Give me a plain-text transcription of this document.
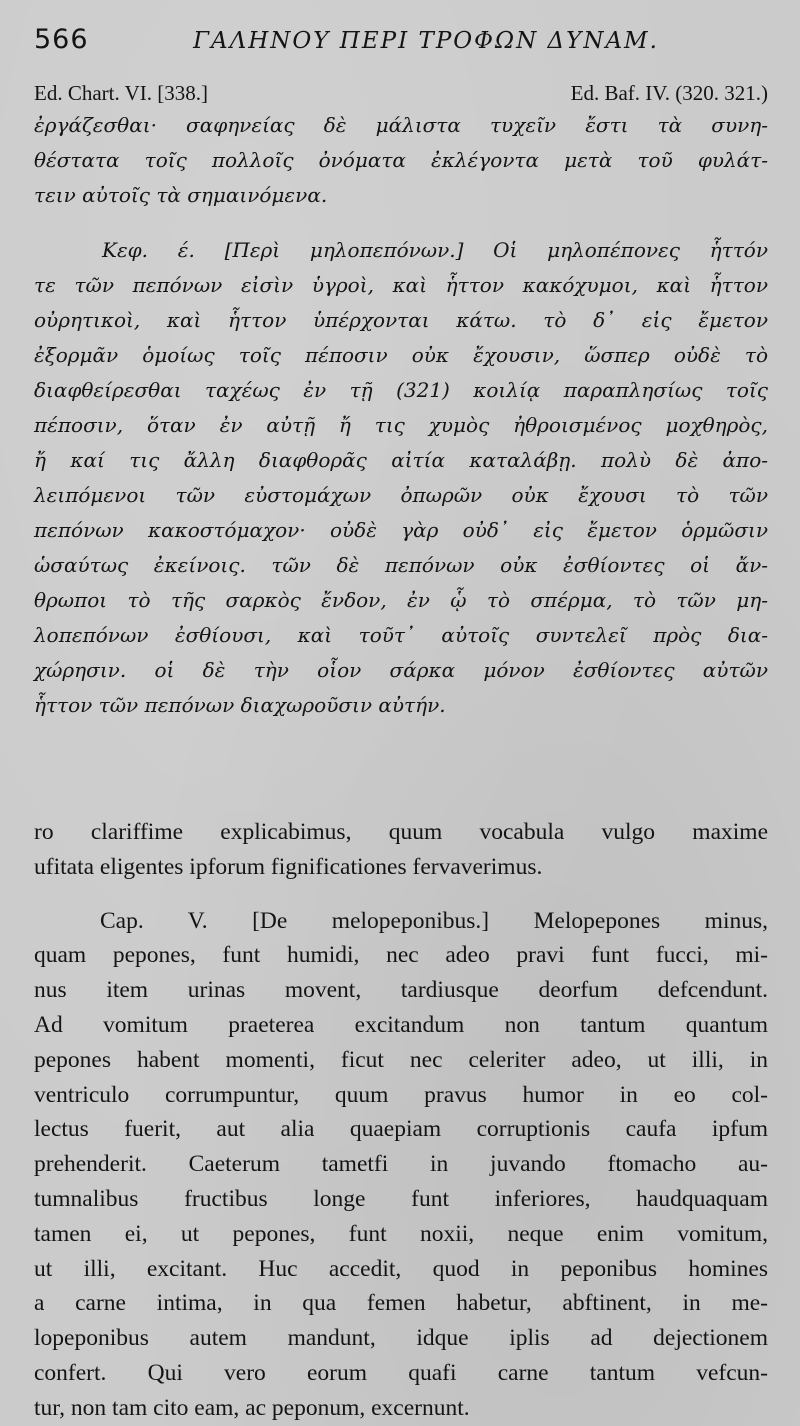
566	ΓΑΛΗΝΟΥ ΠΕΡΙ ΤΡΟΦΩΝ ΔΥΝΑΜ.
Ed. Chart. VI. [338.]	Ed. Baf. IV. (320. 321.)
ἐργάζεσθαι· σαφηνείας δὲ μάλιστα τυχεῖν ἔστι τὰ συνη-
θέστατα τοῖς πολλοῖς ὀνόματα ἐκλέγοντα μετὰ τοῦ φυλάτ-
τειν αὐτοῖς τὰ σημαινόμενα.
Κεφ. έ. [Περὶ μηλοπεπόνων.] Οἱ μηλοπέπονες ἧττόν
τε τῶν πεπόνων εἰσὶν ὑγροὶ, καὶ ἧττον κακόχυμοι, καὶ ἧττον
οὐρητικοὶ, καὶ ἧττον ὑπέρχονται κάτω. τὸ δ᾽ εἰς ἔμετον
ἐξορμᾶν ὁμοίως τοῖς πέποσιν οὐκ ἔχουσιν, ὥσπερ οὐδὲ τὸ
διαφθείρεσθαι ταχέως ἐν τῇ (321) κοιλίᾳ παραπλησίως τοῖς
πέποσιν, ὅταν ἐν αὐτῇ ἤ τις χυμὸς ἠθροισμένος μοχθηρὸς,
ἤ καί τις ἄλλη διαφθορᾶς αἰτία καταλάβῃ. πολὺ δὲ ἀπο-
λειπόμενοι τῶν εὐστομάχων ὀπωρῶν οὐκ ἔχουσι τὸ τῶν
πεπόνων κακοστόμαχον· οὐδὲ γὰρ οὐδ᾽ εἰς ἔμετον ὁρμῶσιν
ὡσαύτως ἐκείνοις. τῶν δὲ πεπόνων οὐκ ἐσθίοντες οἱ ἄν-
θρωποι τὸ τῆς σαρκὸς ἔνδον, ἐν ᾧ τὸ σπέρμα, τὸ τῶν μη-
λοπεπόνων ἐσθίουσι, καὶ τοῦτ᾽ αὐτοῖς συντελεῖ πρὸς δια-
χώρησιν. οἱ δὲ τὴν οἷον σάρκα μόνον ἐσθίοντες αὐτῶν
ἧττον τῶν πεπόνων διαχωροῦσιν αὐτήν.
ro clariffime explicabimus, quum vocabula vulgo maxime
ufitata eligentes ipforum fignificationes fervaverimus.
Cap. V. [De melopeponibus.] Melopepones minus,
quam pepones, funt humidi, nec adeo pravi funt fucci, mi-
nus item urinas movent, tardiusque deorfum defcendunt.
Ad vomitum praeterea excitandum non tantum quantum
pepones habent momenti, ficut nec celeriter adeo, ut illi, in
ventriculo corrumpuntur, quum pravus humor in eo col-
lectus fuerit, aut alia quaepiam corruptionis caufa ipfum
prehenderit. Caeterum tametfi in juvando ftomacho au-
tumnalibus fructibus longe funt inferiores, haudquaquam
tamen ei, ut pepones, funt noxii, neque enim vomitum,
ut illi, excitant. Huc accedit, quod in peponibus homines
a carne intima, in qua femen habetur, abftinent, in me-
lopeponibus autem mandunt, idque iplis ad dejectionem
confert. Qui vero eorum quafi carne tantum vefcun-
tur, non tam cito eam, ac peponum, excernunt.
